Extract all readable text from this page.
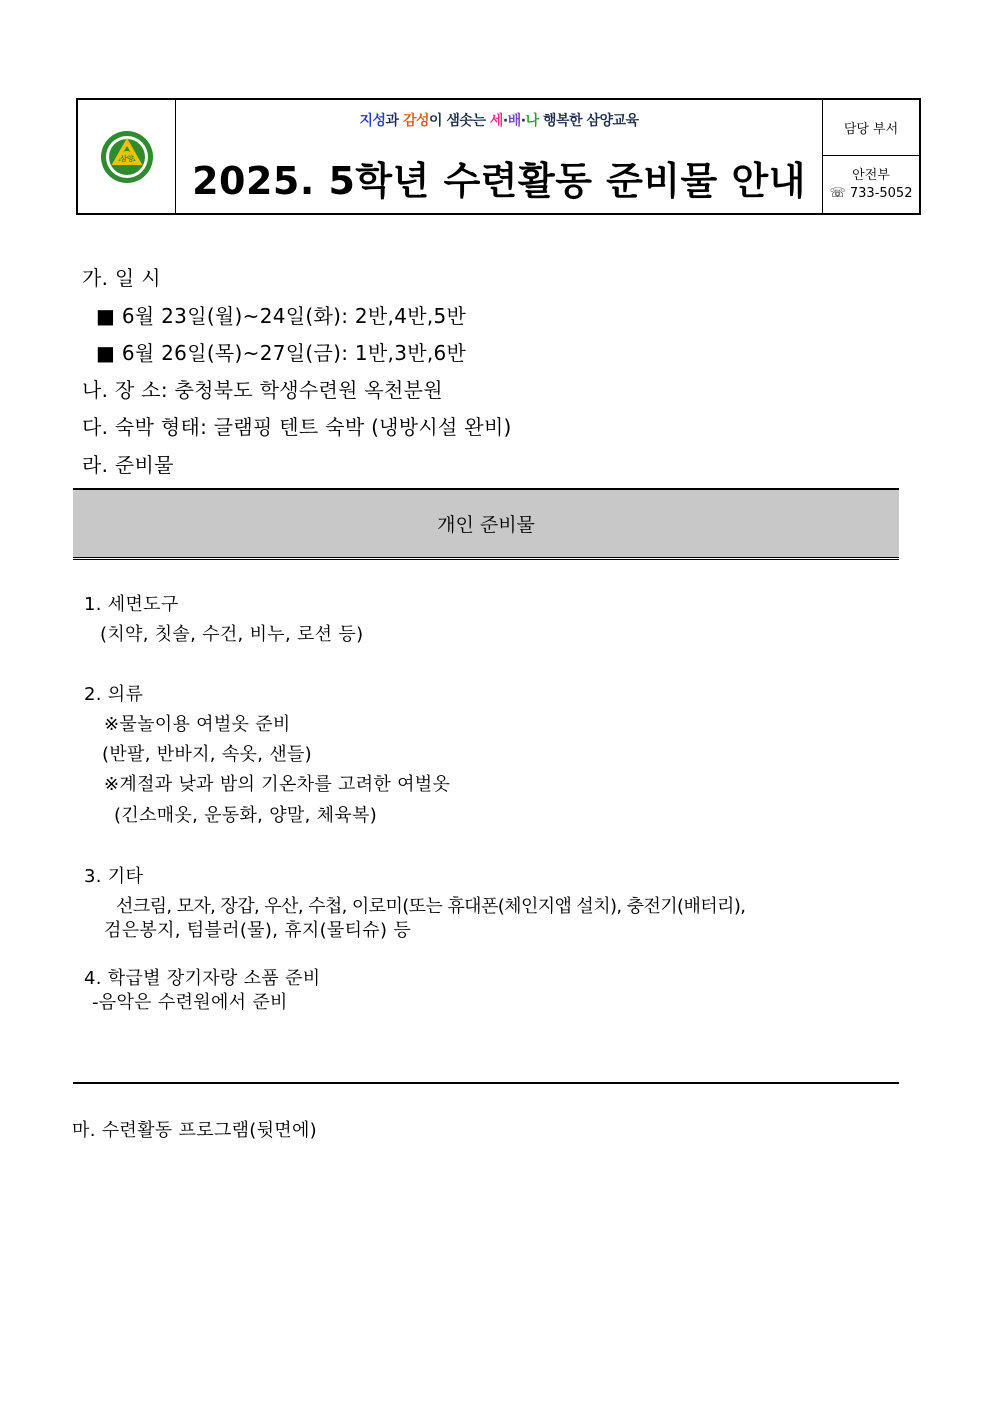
삼양
지성과 감성이 샘솟는 세·배·나 행복한 삼양교육
2025. 5학년 수련활동 준비물 안내
담당 부서
안전부
☏ 733-5052
가. 일 시
■ 6월 23일(월)~24일(화): 2반,4반,5반
■ 6월 26일(목)~27일(금): 1반,3반,6반
나. 장 소: 충청북도 학생수련원 옥천분원
다. 숙박 형태: 글램핑 텐트 숙박 (냉방시설 완비)
라. 준비물
개인 준비물
1. 세면도구
(치약, 칫솔, 수건, 비누, 로션 등)
2. 의류
※물놀이용 여벌옷 준비
(반팔, 반바지, 속옷, 샌들)
※계절과 낮과 밤의 기온차를 고려한 여벌옷
(긴소매옷, 운동화, 양말, 체육복)
3. 기타
선크림, 모자, 장갑, 우산, 수첩, 이로미(또는 휴대폰(체인지앱 설치), 충전기(배터리),
검은봉지, 텀블러(물), 휴지(물티슈) 등
4. 학급별 장기자랑 소품 준비
-음악은 수련원에서 준비
마. 수련활동 프로그램(뒷면에)
